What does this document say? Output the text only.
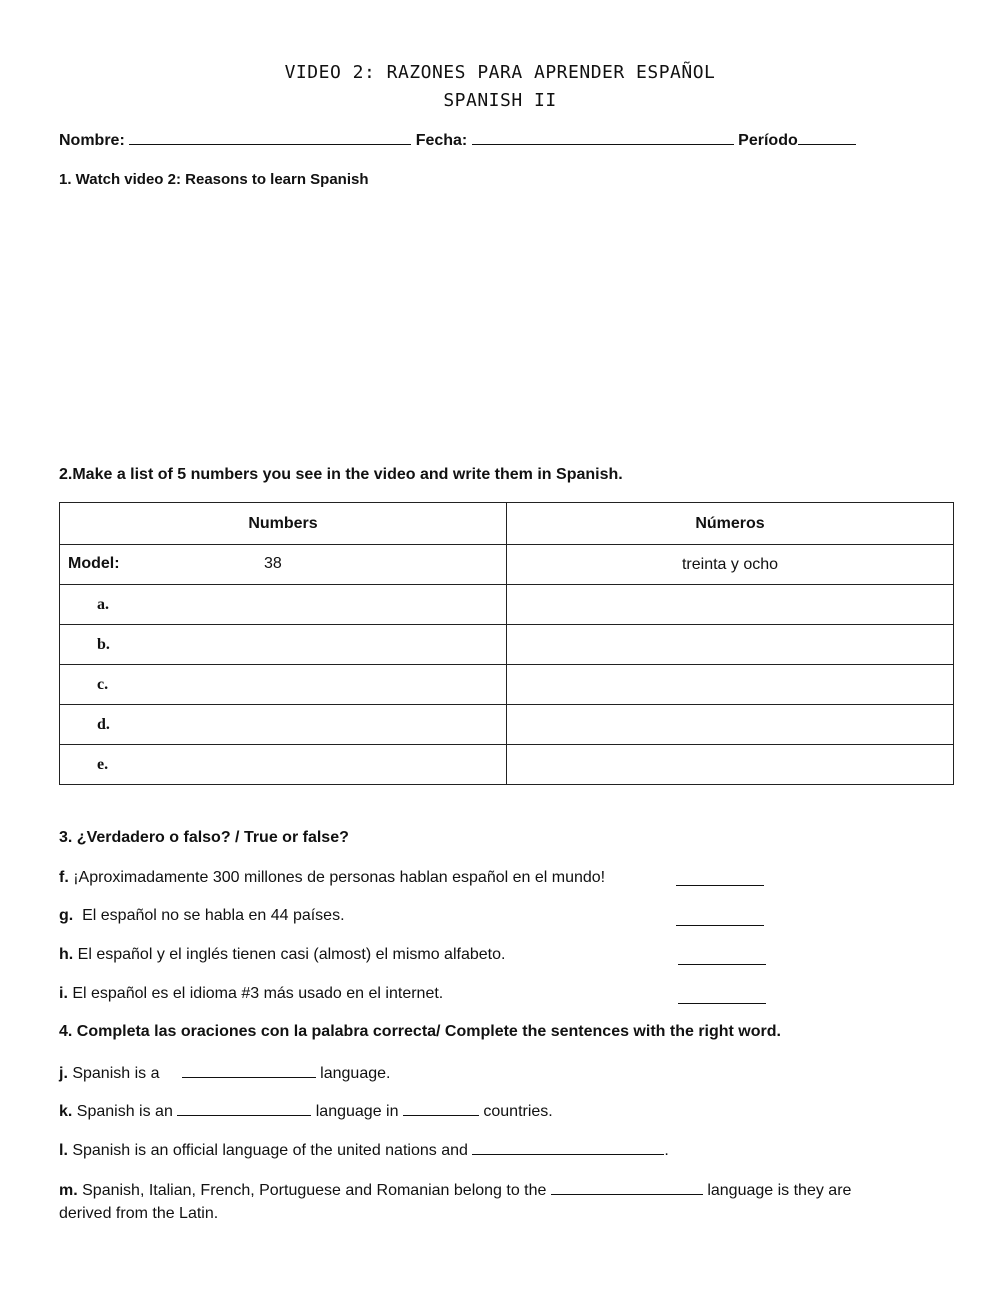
VIDEO 2: RAZONES PARA APRENDER ESPAÑOL
SPANISH II
Nombre:	Fecha:	Período
1. Watch video 2: Reasons to learn Spanish
2.Make a list of 5 numbers you see in the video and write them in Spanish.
Numbers	Números

Model: 38	treinta y ocho
a.	
b.	
c.	
d.	
e.	
3. ¿Verdadero o falso? / True or false?
f. ¡Aproximadamente 300 millones de personas hablan español en el mundo!
g.  El español no se habla en 44 países.
h. El español y el inglés tienen casi (almost) el mismo alfabeto.
i. El español es el idioma #3 más usado en el internet.
4. Completa las oraciones con la palabra correcta/ Complete the sentences with the right word.
j. Spanish is a	language.
k. Spanish is an	language in	countries.
l. Spanish is an official language of the united nations and	.
m. Spanish, Italian, French, Portuguese and Romanian belong to the	language is they are
derived from the Latin.
